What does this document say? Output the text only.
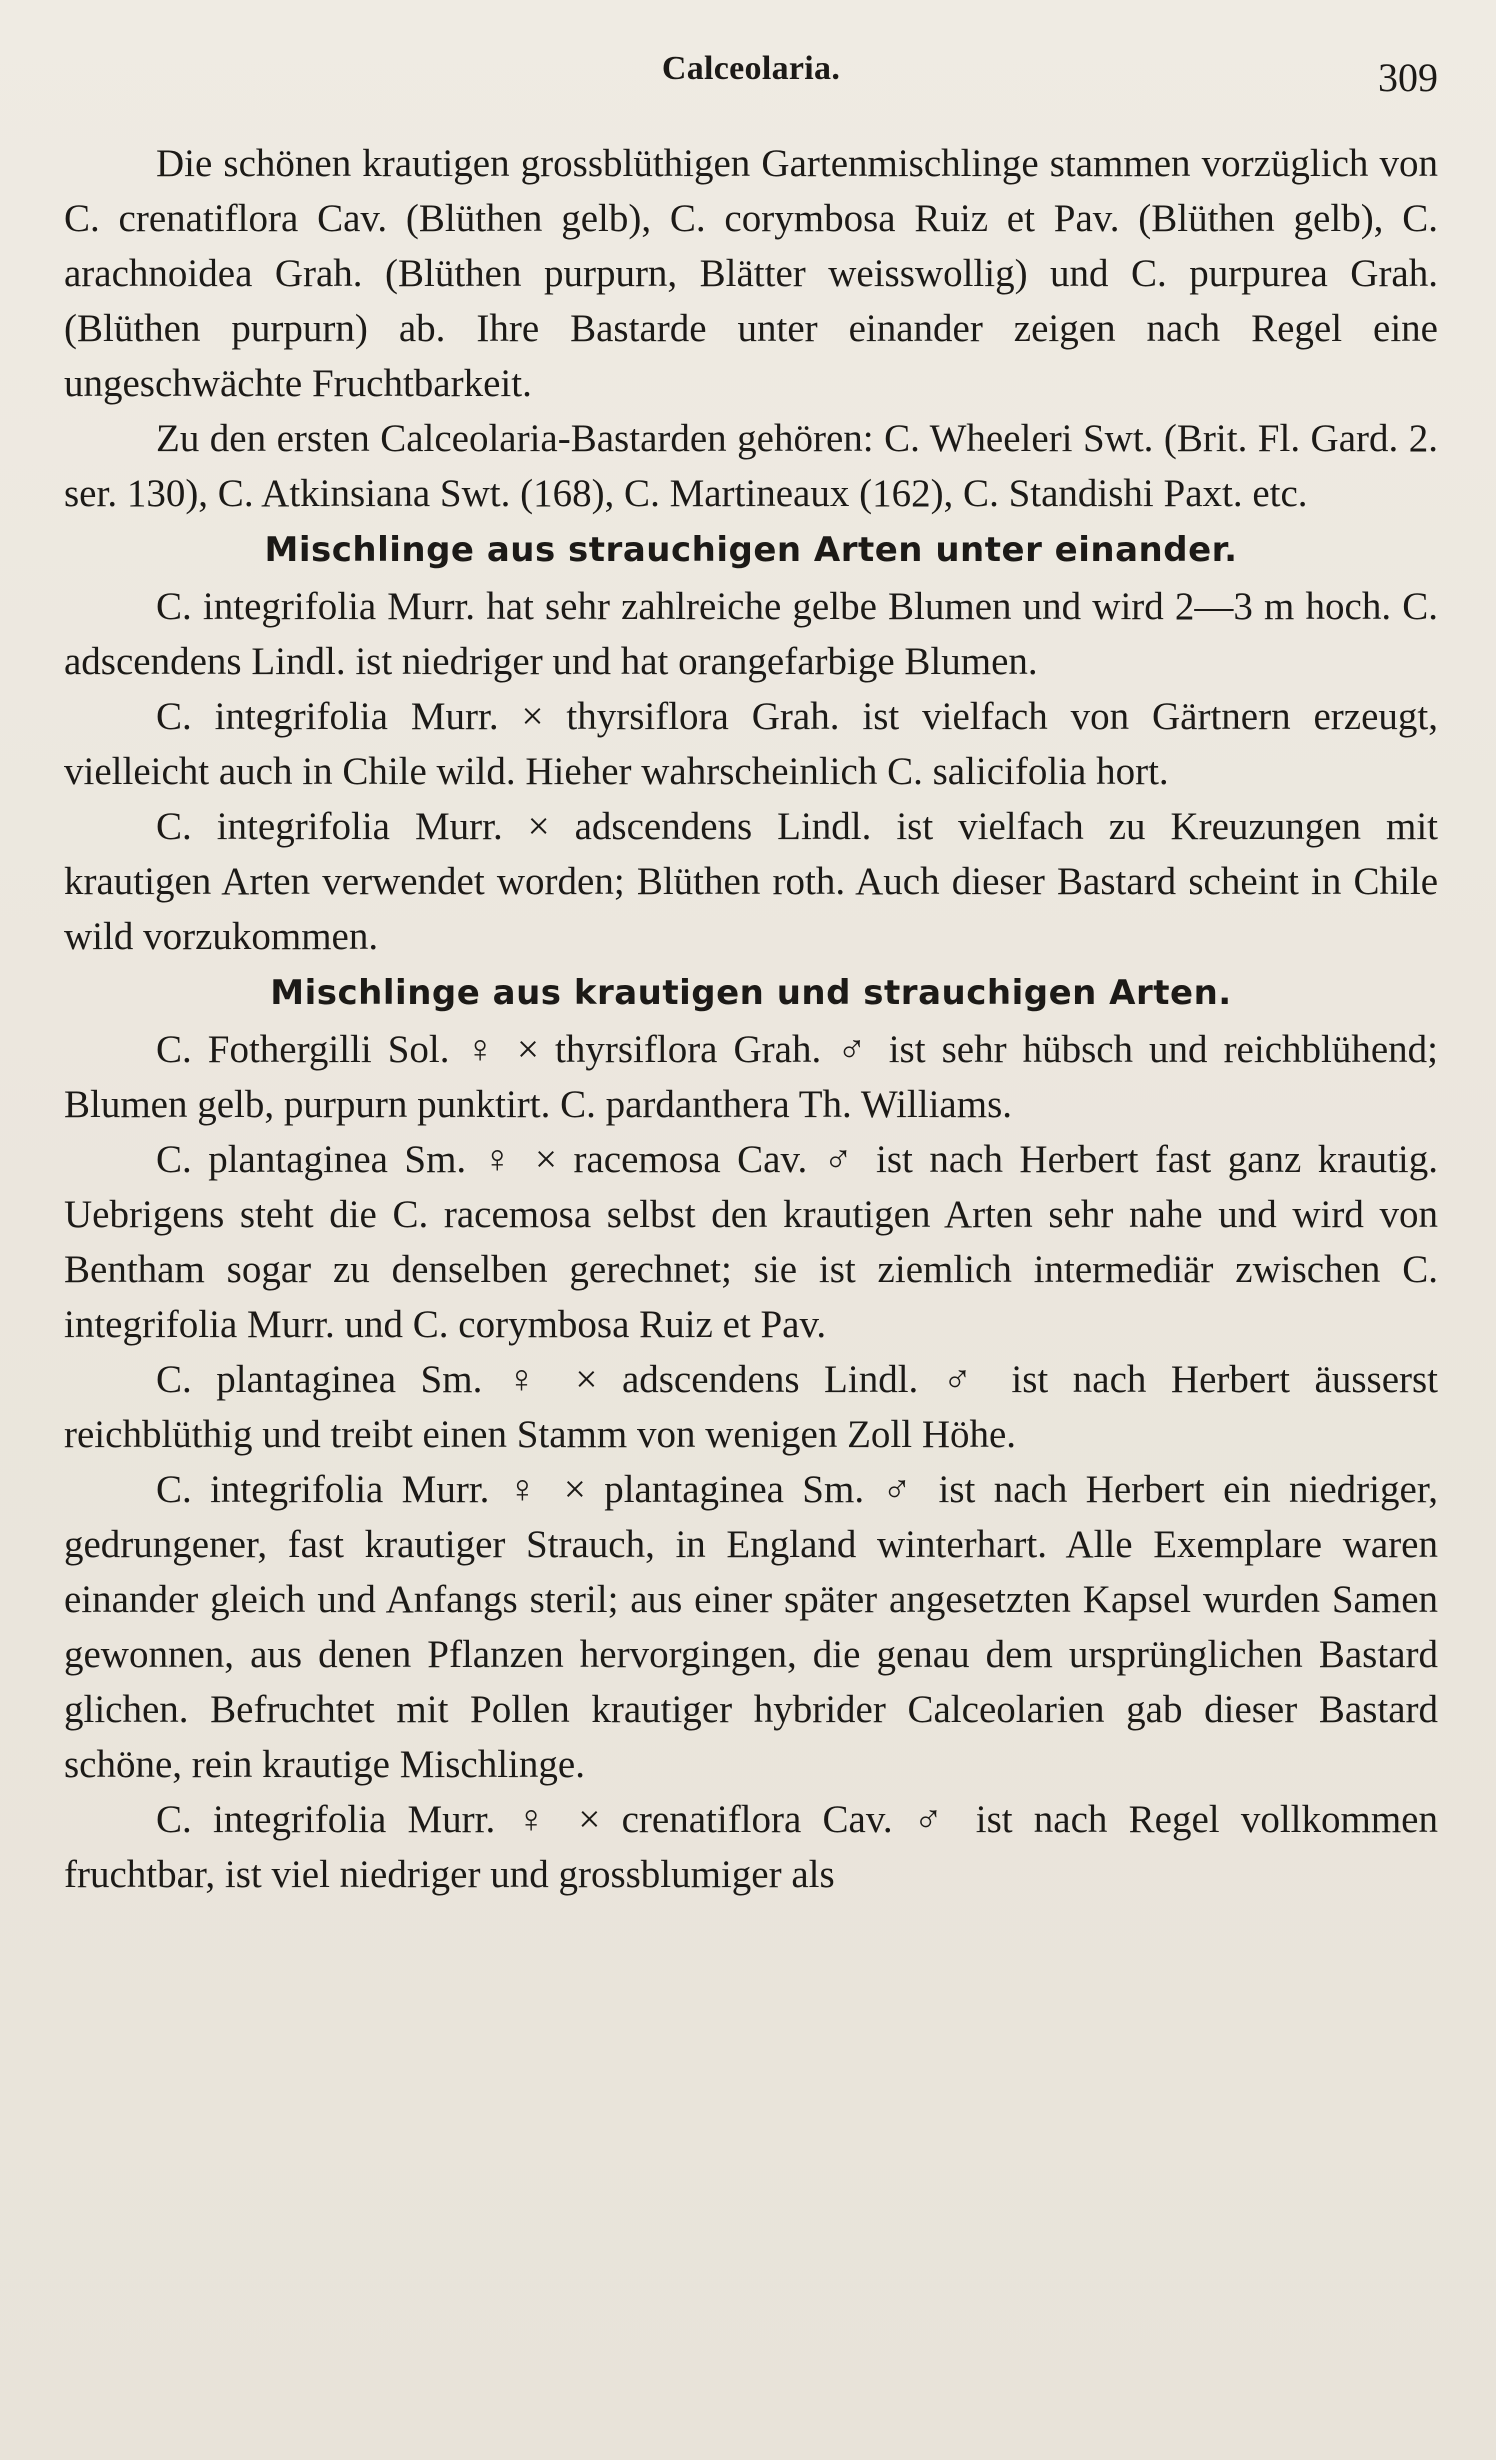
Calceolaria.	309

Die schönen krautigen grossblüthigen Gartenmischlinge stammen vorzüglich von C. crenatiflora Cav. (Blüthen gelb), C. corymbosa Ruiz et Pav. (Blüthen gelb), C. arachnoidea Grah. (Blüthen purpurn, Blätter weisswollig) und C. purpurea Grah. (Blüthen purpurn) ab. Ihre Bastarde unter einander zeigen nach Regel eine ungeschwächte Fruchtbarkeit.

Zu den ersten Calceolaria-Bastarden gehören: C. Wheeleri Swt. (Brit. Fl. Gard. 2. ser. 130), C. Atkinsiana Swt. (168), C. Martineaux (162), C. Standishi Paxt. etc.

Mischlinge aus strauchigen Arten unter einander.

C. integrifolia Murr. hat sehr zahlreiche gelbe Blumen und wird 2—3 m hoch. C. adscendens Lindl. ist niedriger und hat orangefarbige Blumen.

C. integrifolia Murr. × thyrsiflora Grah. ist vielfach von Gärtnern erzeugt, vielleicht auch in Chile wild. Hieher wahrscheinlich C. salicifolia hort.

C. integrifolia Murr. × adscendens Lindl. ist vielfach zu Kreuzungen mit krautigen Arten verwendet worden; Blüthen roth. Auch dieser Bastard scheint in Chile wild vorzukommen.

Mischlinge aus krautigen und strauchigen Arten.

C. Fothergilli Sol. ♀ × thyrsiflora Grah. ♂ ist sehr hübsch und reichblühend; Blumen gelb, purpurn punktirt. C. pardanthera Th. Williams.

C. plantaginea Sm. ♀ × racemosa Cav. ♂ ist nach Herbert fast ganz krautig. Uebrigens steht die C. racemosa selbst den krautigen Arten sehr nahe und wird von Bentham sogar zu denselben gerechnet; sie ist ziemlich intermediär zwischen C. integrifolia Murr. und C. corymbosa Ruiz et Pav.

C. plantaginea Sm. ♀ × adscendens Lindl. ♂ ist nach Herbert äusserst reichblüthig und treibt einen Stamm von wenigen Zoll Höhe.

C. integrifolia Murr. ♀ × plantaginea Sm. ♂ ist nach Herbert ein niedriger, gedrungener, fast krautiger Strauch, in England winterhart. Alle Exemplare waren einander gleich und Anfangs steril; aus einer später angesetzten Kapsel wurden Samen gewonnen, aus denen Pflanzen hervorgingen, die genau dem ursprünglichen Bastard glichen. Befruchtet mit Pollen krautiger hybrider Calceolarien gab dieser Bastard schöne, rein krautige Mischlinge.

C. integrifolia Murr. ♀ × crenatiflora Cav. ♂ ist nach Regel vollkommen fruchtbar, ist viel niedriger und grossblumiger als
